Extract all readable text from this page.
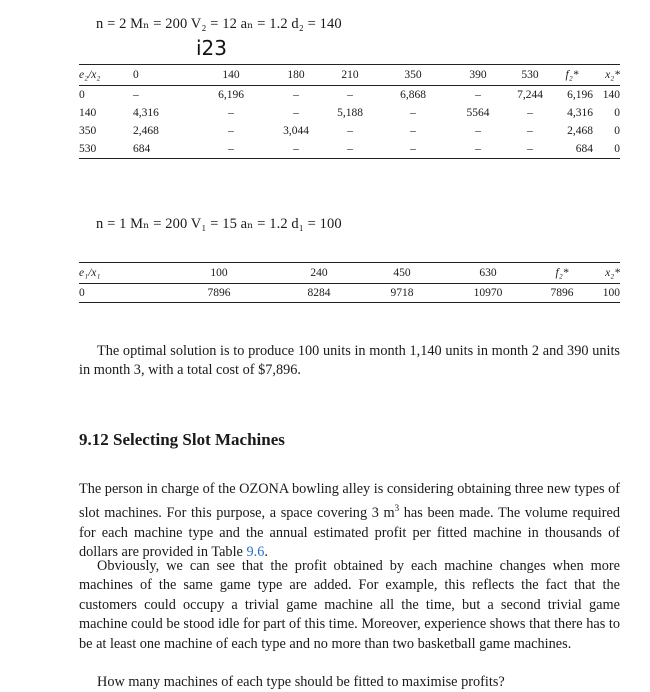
n = 2 Mₙ = 200 V₂ = 12 aₙ = 1.2 d₂ = 140
i23
e₂/x₂	0	140	180	210	350	390	530	f₂*	x₂*
0	–	6,196	–	–	6,868	–	7,244	6,196	140
140	4,316	–	–	5,188	–	5564	–	4,316	0
350	2,468	–	3,044	–	–	–	–	2,468	0
530	684	–	–	–	–	–	–	684	0
n = 1 Mₙ = 200 V₁ = 15 aₙ = 1.2 d₁ = 100
e₁/x₁	100	240	450	630	f₂*	x₂*
0	7896	8284	9718	10970	7896	100

The optimal solution is to produce 100 units in month 1,140 units in month 2 and 390 units in month 3, with a total cost of $7,896.

9.12 Selecting Slot Machines

The person in charge of the OZONA bowling alley is considering obtaining three new types of slot machines. For this purpose, a space covering 3 $m^3$ has been made. The volume required for each machine type and the annual estimated profit per fitted machine in thousands of dollars are provided in Table 9.6.

Obviously, we can see that the profit obtained by each machine changes when more machines of the same game type are added. For example, this reflects the fact that the customers could occupy a trivial game machine all the time, but a second trivial game machine could be stood idle for part of this time. Moreover, experience shows that there has to be at least one machine of each type and no more than two basketball game machines.

How many machines of each type should be fitted to maximise profits?
